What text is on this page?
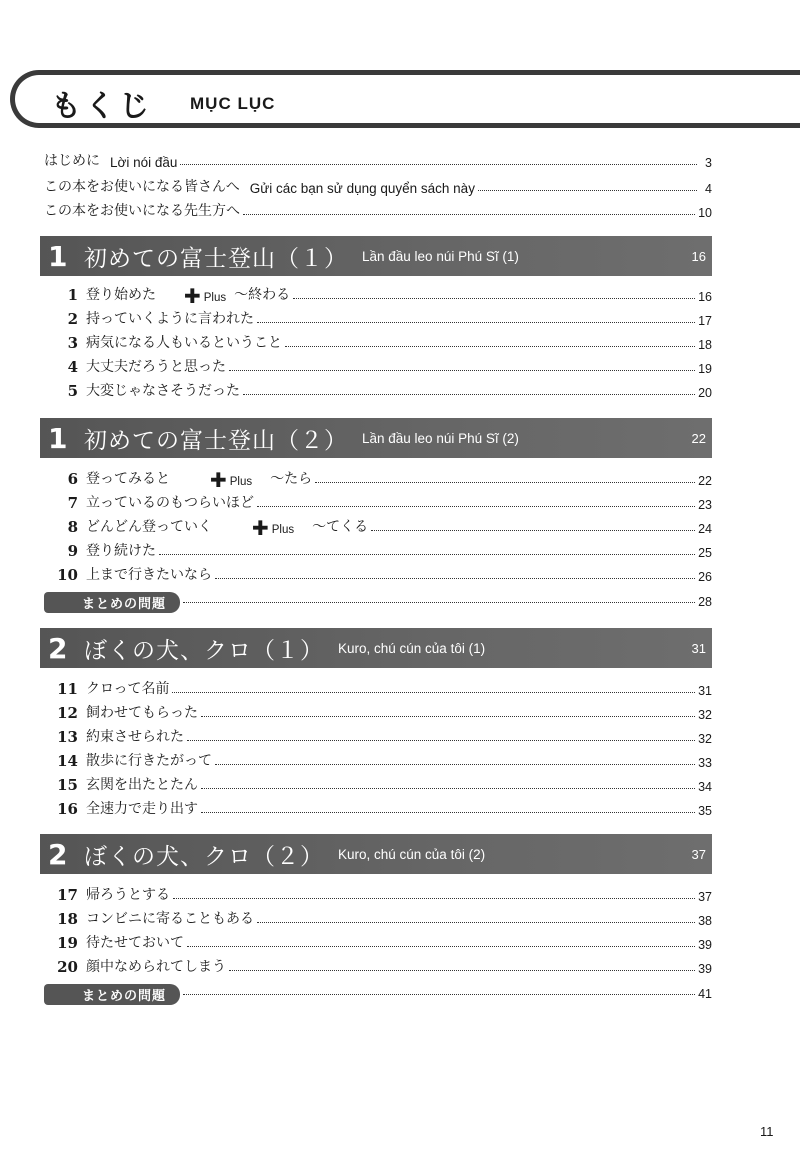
もくじ MỤC LỤC
はじめに Lời nói đầu	3
この本をお使いになる皆さんへ Gửi các bạn sử dụng quyển sách này	4
この本をお使いになる先生方へ	10
1 初めての富士登山（１） Lần đầu leo núi Phú Sĩ (1)	16
1 登り始めた ✚ Plus ～終わる	16
2 持っていくように言われた	17
3 病気になる人もいるということ	18
4 大丈夫だろうと思った	19
5 大変じゃなさそうだった	20
1 初めての富士登山（２） Lần đầu leo núi Phú Sĩ (2)	22
6 登ってみると ✚ Plus ～たら	22
7 立っているのもつらいほど	23
8 どんどん登っていく ✚ Plus ～てくる	24
9 登り続けた	25
10 上まで行きたいなら	26
まとめの問題	28
2 ぼくの犬、クロ（１） Kuro, chú cún của tôi (1)	31
11 クロって名前	31
12 飼わせてもらった	32
13 約束させられた	32
14 散歩に行きたがって	33
15 玄関を出たとたん	34
16 全速力で走り出す	35
2 ぼくの犬、クロ（２） Kuro, chú cún của tôi (2)	37
17 帰ろうとする	37
18 コンビニに寄ることもある	38
19 待たせておいて	39
20 顔中なめられてしまう	39
まとめの問題	41
11
